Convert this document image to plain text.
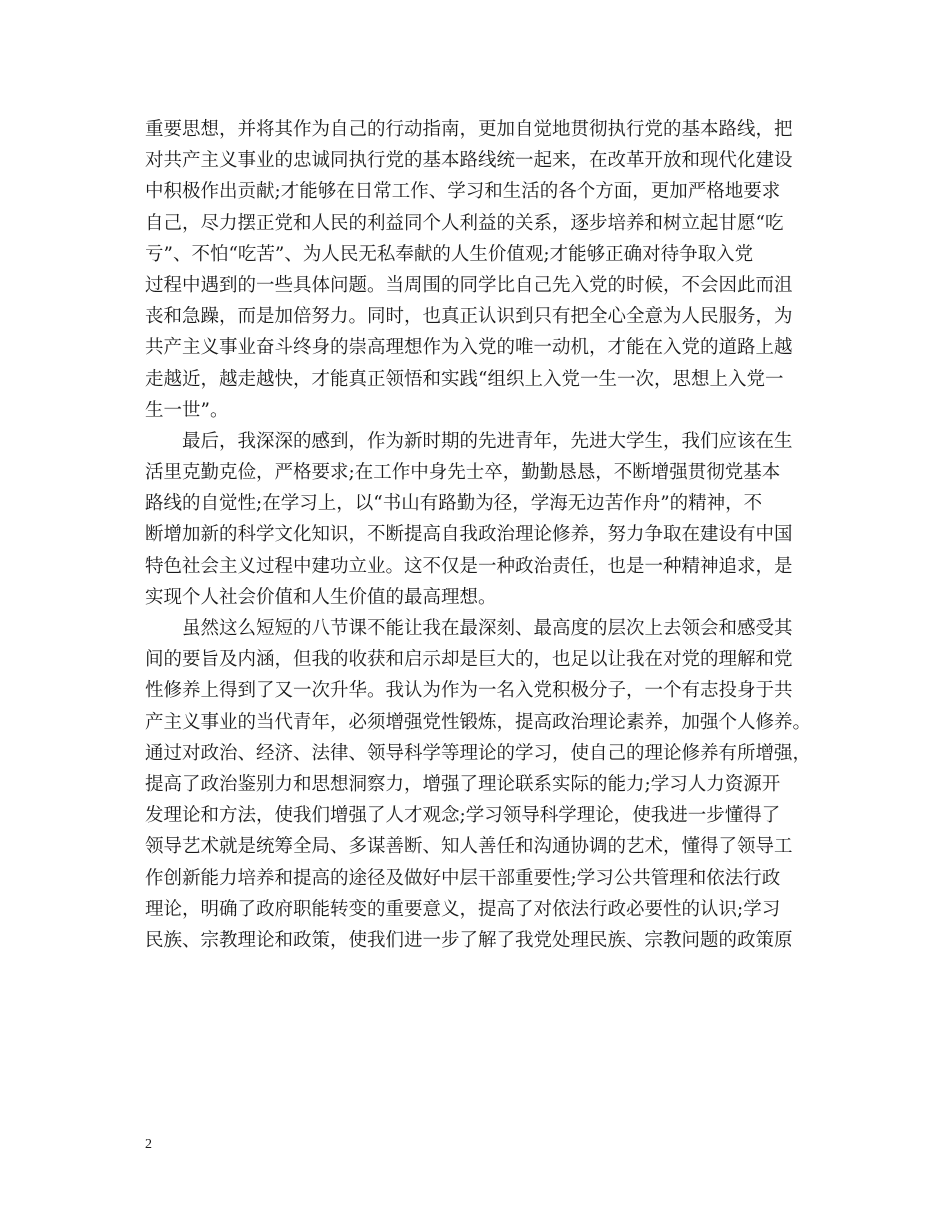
重要思想，并将其作为自己的行动指南，更加自觉地贯彻执行党的基本路线，把
对共产主义事业的忠诚同执行党的基本路线统一起来，在改革开放和现代化建设
中积极作出贡献;才能够在日常工作、学习和生活的各个方面，更加严格地要求
自己，尽力摆正党和人民的利益同个人利益的关系，逐步培养和树立起甘愿“吃
亏”、不怕“吃苦”、为人民无私奉献的人生价值观;才能够正确对待争取入党
过程中遇到的一些具体问题。当周围的同学比自己先入党的时候，不会因此而沮
丧和急躁，而是加倍努力。同时，也真正认识到只有把全心全意为人民服务，为
共产主义事业奋斗终身的崇高理想作为入党的唯一动机，才能在入党的道路上越
走越近，越走越快，才能真正领悟和实践“组织上入党一生一次，思想上入党一
生一世”。
最后，我深深的感到，作为新时期的先进青年，先进大学生，我们应该在生
活里克勤克俭，严格要求;在工作中身先士卒，勤勤恳恳，不断增强贯彻党基本
路线的自觉性;在学习上，以“书山有路勤为径，学海无边苦作舟”的精神，不
断增加新的科学文化知识，不断提高自我政治理论修养，努力争取在建设有中国
特色社会主义过程中建功立业。这不仅是一种政治责任，也是一种精神追求，是
实现个人社会价值和人生价值的最高理想。
虽然这么短短的八节课不能让我在最深刻、最高度的层次上去领会和感受其
间的要旨及内涵，但我的收获和启示却是巨大的，也足以让我在对党的理解和党
性修养上得到了又一次升华。我认为作为一名入党积极分子，一个有志投身于共
产主义事业的当代青年，必须增强党性锻炼，提高政治理论素养，加强个人修养。
通过对政治、经济、法律、领导科学等理论的学习，使自己的理论修养有所增强，
提高了政治鉴别力和思想洞察力，增强了理论联系实际的能力;学习人力资源开
发理论和方法，使我们增强了人才观念;学习领导科学理论，使我进一步懂得了
领导艺术就是统筹全局、多谋善断、知人善任和沟通协调的艺术，懂得了领导工
作创新能力培养和提高的途径及做好中层干部重要性;学习公共管理和依法行政
理论，明确了政府职能转变的重要意义，提高了对依法行政必要性的认识;学习
民族、宗教理论和政策，使我们进一步了解了我党处理民族、宗教问题的政策原
2
